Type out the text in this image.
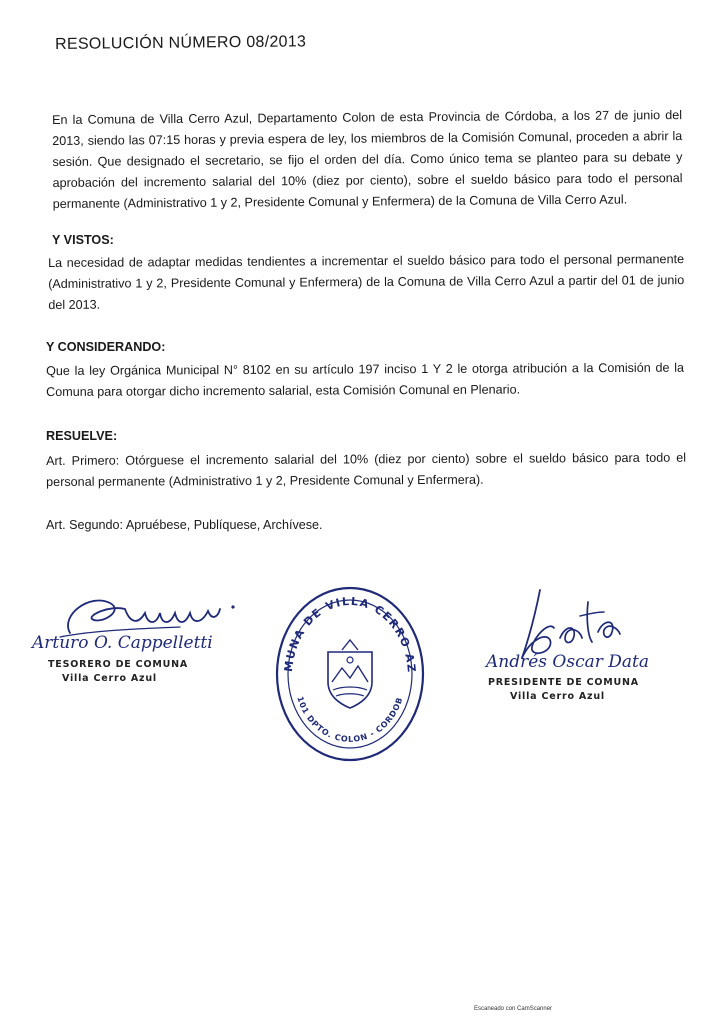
RESOLUCIÓN NÚMERO 08/2013
En la Comuna de Villa Cerro Azul, Departamento Colon de esta Provincia de Córdoba, a los 27 de junio del 2013, siendo las 07:15 horas y previa espera de ley, los miembros de la Comisión Comunal, proceden a abrir la sesión. Que designado el secretario, se fijo el orden del día. Como único tema se planteo para su debate y aprobación del incremento salarial del 10% (diez por ciento), sobre el sueldo básico para todo el personal permanente (Administrativo 1 y 2, Presidente Comunal y Enfermera) de la Comuna de Villa Cerro Azul.
Y VISTOS:
La necesidad de adaptar medidas tendientes a incrementar el sueldo básico para todo el personal permanente (Administrativo 1 y 2, Presidente Comunal y Enfermera) de la Comuna de Villa Cerro Azul a partir del 01 de junio del 2013.
Y CONSIDERANDO:
Que la ley Orgánica Municipal N° 8102 en su artículo 197 inciso 1 Y 2 le otorga atribución a la Comisión de la Comuna para otorgar dicho incremento salarial, esta Comisión Comunal en Plenario.
RESUELVE:
Art. Primero: Otórguese el incremento salarial del 10% (diez por ciento) sobre el sueldo básico para todo el personal permanente (Administrativo 1 y 2, Presidente Comunal y Enfermera).
Art. Segundo: Apruébese, Publíquese, Archívese.
Arturo O. Cappelletti
TESORERO DE COMUNA
Villa Cerro Azul
MUNA DE VILLA CERRO AZ
101 DPTO. COLON - CORDOB
Andrés Oscar Data
PRESIDENTE DE COMUNA
Villa Cerro Azul
Escaneado con CamScanner
